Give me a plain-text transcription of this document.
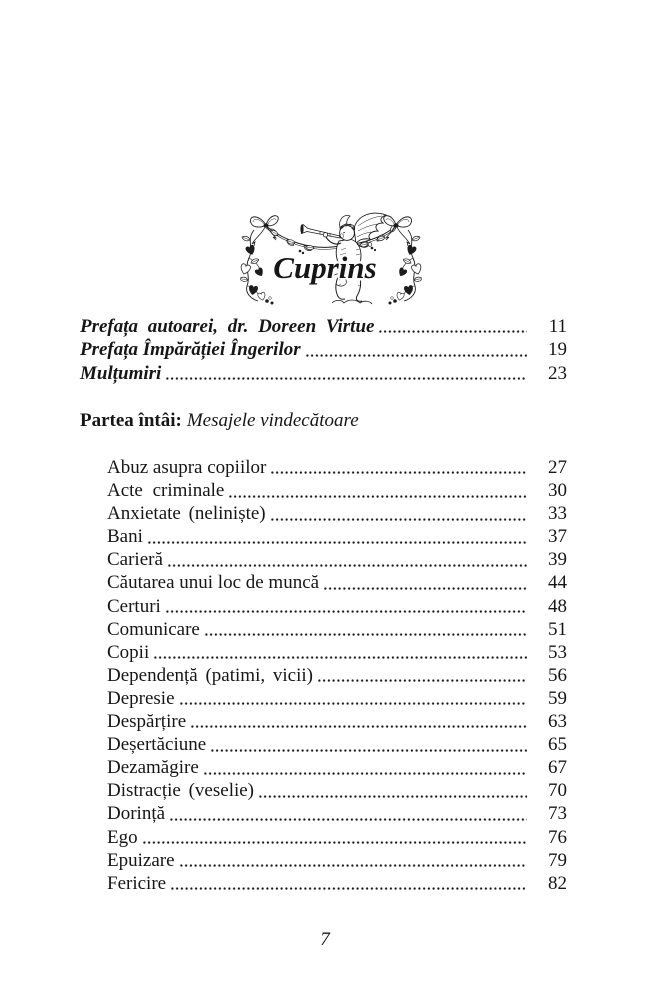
Cuprins
Prefața autoarei, dr. Doreen Virtue	11
Prefața Împărăției Îngerilor	19
Mulțumiri	23
Partea întâi: Mesajele vindecătoare
Abuz asupra copiilor	27
Acte criminale	30
Anxietate (neliniște)	33
Bani	37
Carieră	39
Căutarea unui loc de muncă	44
Certuri	48
Comunicare	51
Copii	53
Dependență (patimi, vicii)	56
Depresie	59
Despărțire	63
Deșertăciune	65
Dezamăgire	67
Distracție (veselie)	70
Dorință	73
Ego	76
Epuizare	79
Fericire	82
7
